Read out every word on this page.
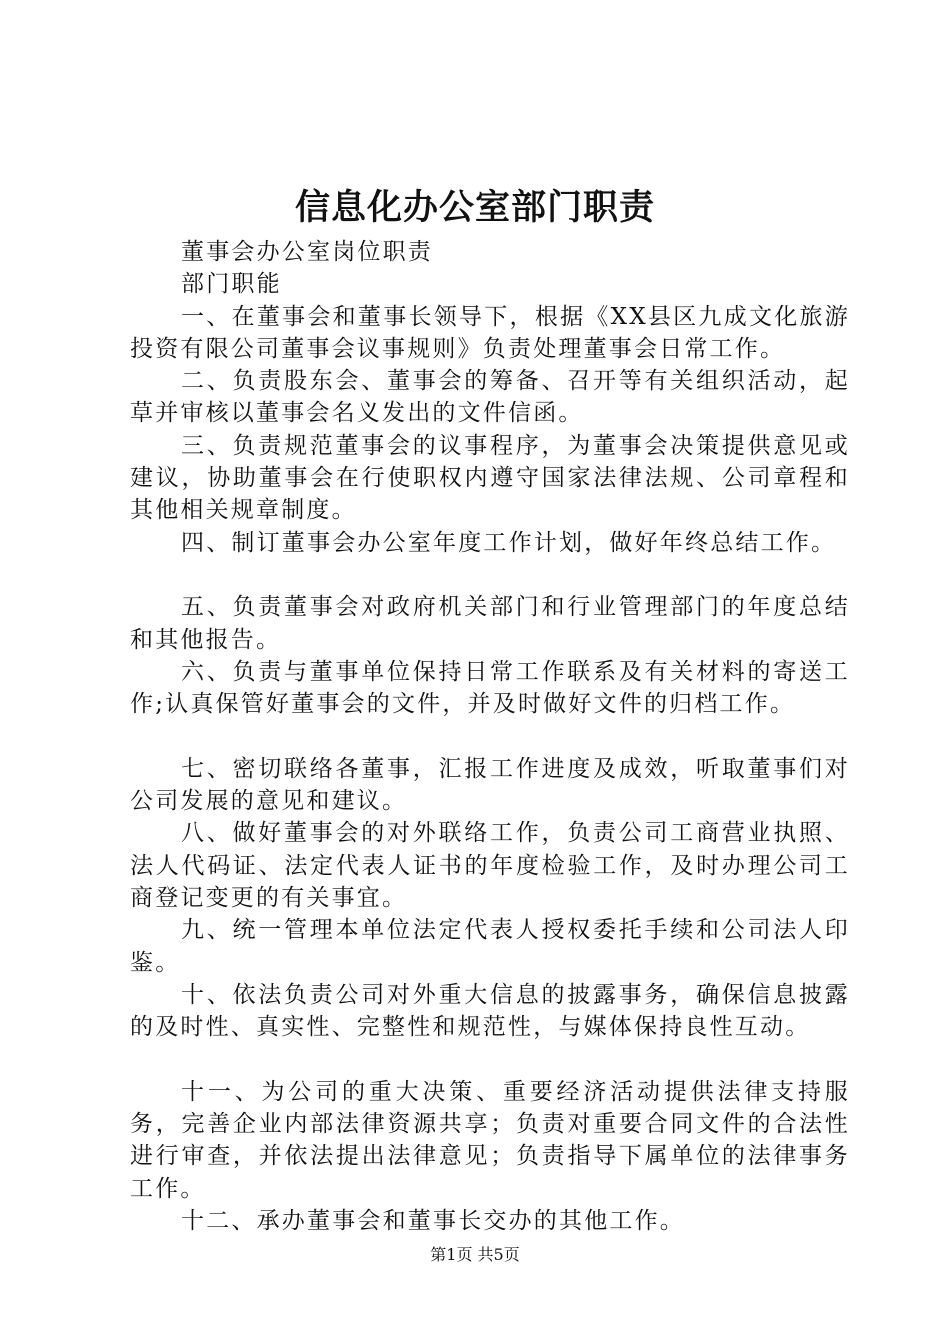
信息化办公室部门职责

董事会办公室岗位职责

部门职能

一、在董事会和董事长领导下，根据《XX县区九成文化旅游投资有限公司董事会议事规则》负责处理董事会日常工作。

二、负责股东会、董事会的筹备、召开等有关组织活动，起草并审核以董事会名义发出的文件信函。

三、负责规范董事会的议事程序，为董事会决策提供意见或建议，协助董事会在行使职权内遵守国家法律法规、公司章程和其他相关规章制度。

四、制订董事会办公室年度工作计划，做好年终总结工作。

五、负责董事会对政府机关部门和行业管理部门的年度总结和其他报告。

六、负责与董事单位保持日常工作联系及有关材料的寄送工作;认真保管好董事会的文件，并及时做好文件的归档工作。

七、密切联络各董事，汇报工作进度及成效，听取董事们对公司发展的意见和建议。

八、做好董事会的对外联络工作，负责公司工商营业执照、法人代码证、法定代表人证书的年度检验工作，及时办理公司工商登记变更的有关事宜。

九、统一管理本单位法定代表人授权委托手续和公司法人印鉴。

十、依法负责公司对外重大信息的披露事务，确保信息披露的及时性、真实性、完整性和规范性，与媒体保持良性互动。

十一、为公司的重大决策、重要经济活动提供法律支持服务，完善企业内部法律资源共享；负责对重要合同文件的合法性进行审查，并依法提出法律意见；负责指导下属单位的法律事务工作。

十二、承办董事会和董事长交办的其他工作。

第1页 共5页
